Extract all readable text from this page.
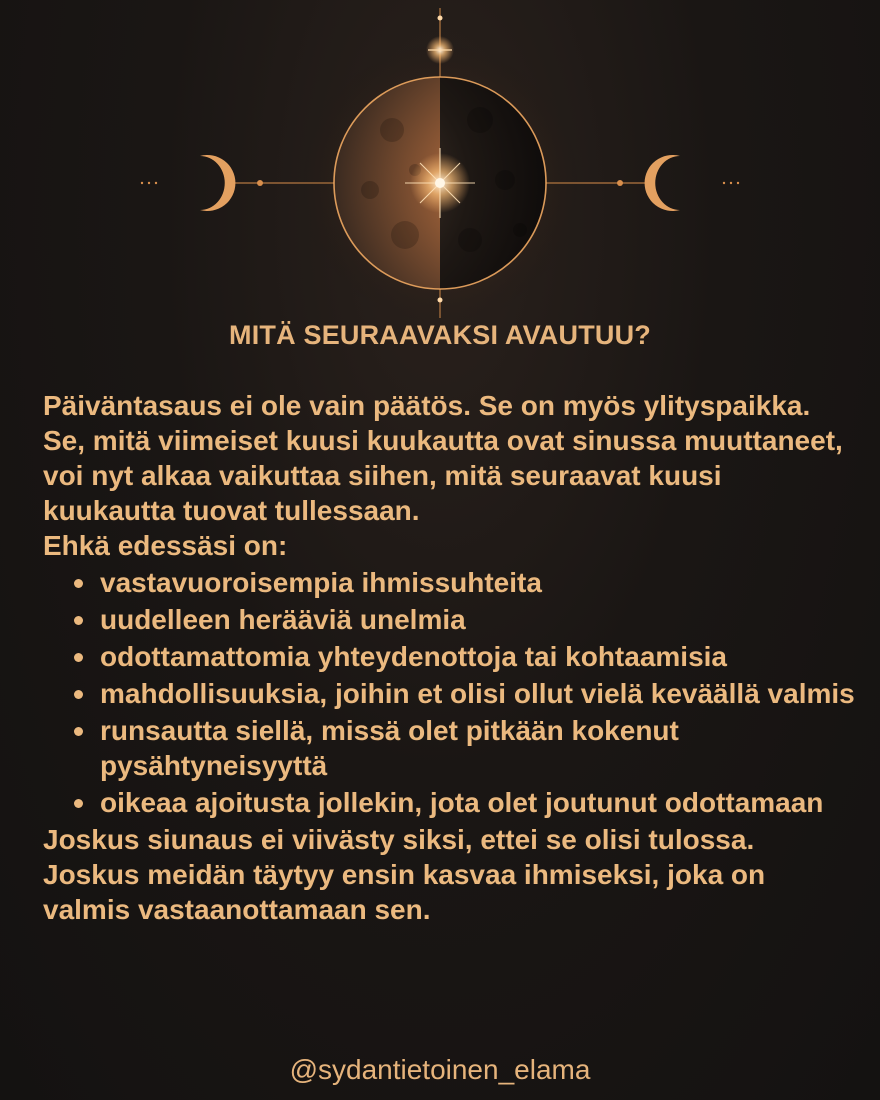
MITÄ SEURAAVAKSI AVAUTUU?

Päiväntasaus ei ole vain päätös. Se on myös ylityspaikka. Se, mitä viimeiset kuusi kuukautta ovat sinussa muuttaneet, voi nyt alkaa vaikuttaa siihen, mitä seuraavat kuusi kuukautta tuovat tullessaan.

Ehkä edessäsi on:

vastavuoroisempia ihmissuhteita
uudelleen herääviä unelmia
odottamattomia yhteydenottoja tai kohtaamisia
mahdollisuuksia, joihin et olisi ollut vielä keväällä valmis
runsautta siellä, missä olet pitkään kokenut pysähtyneisyyttä
oikeaa ajoitusta jollekin, jota olet joutunut odottamaan

Joskus siunaus ei viivästy siksi, ettei se olisi tulossa. Joskus meidän täytyy ensin kasvaa ihmiseksi, joka on valmis vastaanottamaan sen.

@sydantietoinen_elama
